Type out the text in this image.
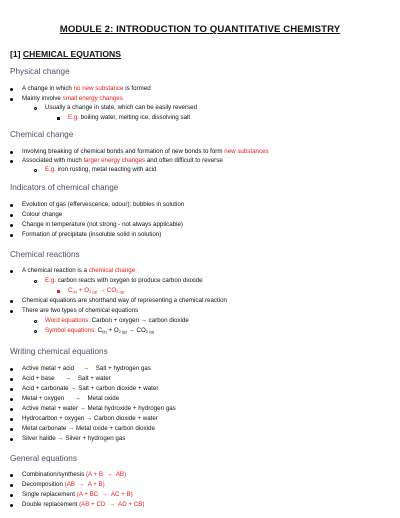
MODULE 2: INTRODUCTION TO QUANTITATIVE CHEMISTRY
[1] CHEMICAL EQUATIONS
Physical change
A change in which no new substance is formed
Mainly involve small energy changes
Usually a change in state, which can be easily reversed
E.g. boiling water, melting ice, dissolving salt
Chemical change
Involving breaking of chemical bonds and formation of new bonds to form new substances
Associated with much larger energy changes and often difficult to reverse
E.g. iron rusting, metal reacting with acid
Indicators of chemical change
Evolution of gas (effervescence, odour): bubbles in solution
Colour change
Change in temperature (not strong - not always applicable)
Formation of precipitate (insoluble solid in solution)
Chemical reactions
A chemical reaction is a chemical change
E.g. carbon reacts with oxygen to produce carbon dioxide
$C_{(s)} + O_{2 (g)} \to CO_{2 (g)}$
Chemical equations are shorthand way of representing a chemical reaction
There are two types of chemical equations
Word equations: Carbon + oxygen → carbon dioxide
Symbol equations: $C_{(s)} + O_{2 (g)} \to CO_{2 (g)}$
Writing chemical equations
Active metal + acid     →    Salt + hydrogen gas
Acid + base      →    Salt + water
Acid + carbonate → Salt + carbon dioxide + water
Metal + oxygen      →    Metal oxide
Active metal + water → Metal hydroxide + hydrogen gas
Hydrocarbon + oxygen → Carbon dioxide + water
Metal carbonate → Metal oxide + carbon dioxide
Silver halide → Silver + hydrogen gas
General equations
Combination/synthesis (A + B  →  AB)
Decomposition (AB  →  A + B)
Single replacement (A + BC  →  AC + B)
Double replacement (AB + CD  →  AD + CB)
